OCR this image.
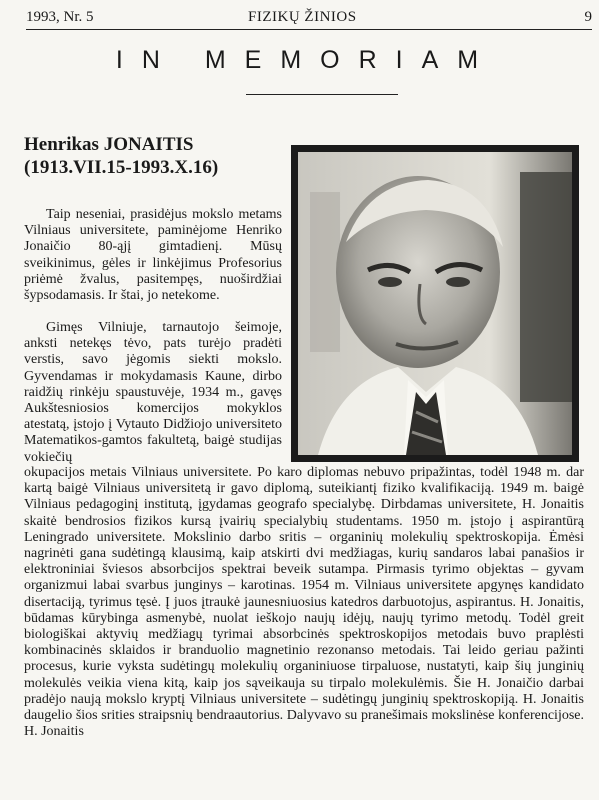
1993, Nr. 5	FIZIKŲ ŽINIOS	9
IN MEMORIAM
Henrikas JONAITIS
(1913.VII.15-1993.X.16)
Taip neseniai, prasidėjus mokslo metams Vilniaus universitete, paminėjome Henriko Jonaičio 80-ąjį gimtadienį. Mūsų sveikinimus, gėles ir linkėjimus Profesorius priėmė žvalus, pasitempęs, nuoširdžiai šypsodamasis. Ir štai, jo netekome.
Gimęs Vilniuje, tarnautojo šeimoje, anksti netekęs tėvo, pats turėjo pradėti verstis, savo jėgomis siekti mokslo. Gyvendamas ir mokydamasis Kaune, dirbo raidžių rinkėju spaustuvėje, 1934 m., gavęs Aukštesniosios komercijos mokyklos atestatą, įstojo į Vytauto Didžiojo universiteto Matematikos-gamtos fakultetą, baigė studijas vokiečių
okupacijos metais Vilniaus universitete. Po karo diplomas nebuvo pripažintas, todėl 1948 m. dar kartą baigė Vilniaus universitetą ir gavo diplomą, suteikiantį fiziko kvalifikaciją. 1949 m. baigė Vilniaus pedagoginį institutą, įgydamas geografo specialybę. Dirbdamas universitete, H. Jonaitis skaitė bendrosios fizikos kursą įvairių specialybių studentams. 1950 m. įstojo į aspirantūrą Leningrado universitete. Mokslinio darbo sritis – organinių molekulių spektroskopija. Ėmėsi nagrinėti gana sudėtingą klausimą, kaip atskirti dvi medžiagas, kurių sandaros labai panašios ir elektroniniai šviesos absorbcijos spektrai beveik sutampa. Pirmasis tyrimo objektas – gyvam organizmui labai svarbus junginys – karotinas. 1954 m. Vilniaus universitete apgynęs kandidato disertaciją, tyrimus tęsė. Į juos įtraukė jaunesniuosius katedros darbuotojus, aspirantus. H. Jonaitis, būdamas kūrybinga asmenybė, nuolat ieškojo naujų idėjų, naujų tyrimo metodų. Todėl greit biologiškai aktyvių medžiagų tyrimai absorbcinės spektroskopijos metodais buvo praplėsti kombinacinės sklaidos ir branduolio magnetinio rezonanso metodais. Tai leido geriau pažinti procesus, kurie vyksta sudėtingų molekulių organiniuose tirpaluose, nustatyti, kaip šių junginių molekulės veikia viena kitą, kaip jos sąveikauja su tirpalo molekulėmis. Šie H. Jonaičio darbai pradėjo naują mokslo kryptį Vilniaus universitete – sudėtingų junginių spektroskopiją. H. Jonaitis daugelio šios srities straipsnių bendraautorius. Dalyvavo su pranešimais mokslinėse konferencijose. H. Jonaitis
